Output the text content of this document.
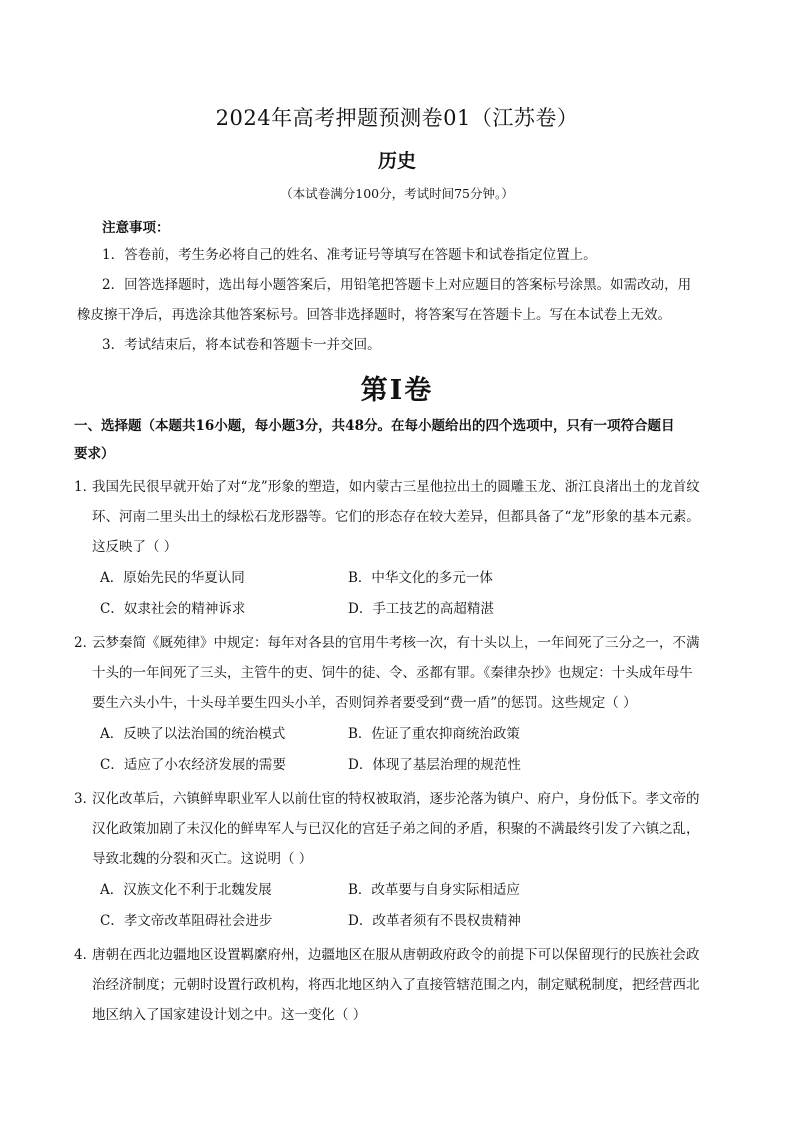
2024年高考押题预测卷01（江苏卷）
历史
（本试卷满分100分，考试时间75分钟。）
注意事项：
1．答卷前，考生务必将自己的姓名、准考证号等填写在答题卡和试卷指定位置上。
2．回答选择题时，选出每小题答案后，用铅笔把答题卡上对应题目的答案标号涂黑。如需改动，用
橡皮擦干净后，再选涂其他答案标号。回答非选择题时，将答案写在答题卡上。写在本试卷上无效。
3．考试结束后，将本试卷和答题卡一并交回。
第Ⅰ卷
一、选择题（本题共16小题，每小题3分，共48分。在每小题给出的四个选项中，只有一项符合题目
要求）
1．我国先民很早就开始了对“龙”形象的塑造，如内蒙古三星他拉出土的圆雕玉龙、浙江良渚出土的龙首纹
环、河南二里头出土的绿松石龙形器等。它们的形态存在较大差异，但都具备了“龙”形象的基本元素。
这反映了（ ）
A．原始先民的华夏认同	B．中华文化的多元一体
C．奴隶社会的精神诉求	D．手工技艺的高超精湛
2．云梦秦简《厩苑律》中规定：每年对各县的官用牛考核一次，有十头以上，一年间死了三分之一，不满
十头的一年间死了三头，主管牛的吏、饲牛的徒、令、丞都有罪。《秦律杂抄》也规定：十头成年母牛
要生六头小牛，十头母羊要生四头小羊，否则饲养者要受到“费一盾”的惩罚。这些规定（ ）
A．反映了以法治国的统治模式	B．佐证了重农抑商统治政策
C．适应了小农经济发展的需要	D．体现了基层治理的规范性
3．汉化改革后，六镇鲜卑职业军人以前仕宦的特权被取消，逐步沦落为镇户、府户，身份低下。孝文帝的
汉化政策加剧了未汉化的鲜卑军人与已汉化的宫廷子弟之间的矛盾，积聚的不满最终引发了六镇之乱，
导致北魏的分裂和灭亡。这说明（ ）
A．汉族文化不利于北魏发展	B．改革要与自身实际相适应
C．孝文帝改革阻碍社会进步	D．改革者须有不畏权贵精神
4．唐朝在西北边疆地区设置羁縻府州，边疆地区在服从唐朝政府政令的前提下可以保留现行的民族社会政
治经济制度；元朝时设置行政机构，将西北地区纳入了直接管辖范围之内，制定赋税制度，把经营西北
地区纳入了国家建设计划之中。这一变化（ ）
